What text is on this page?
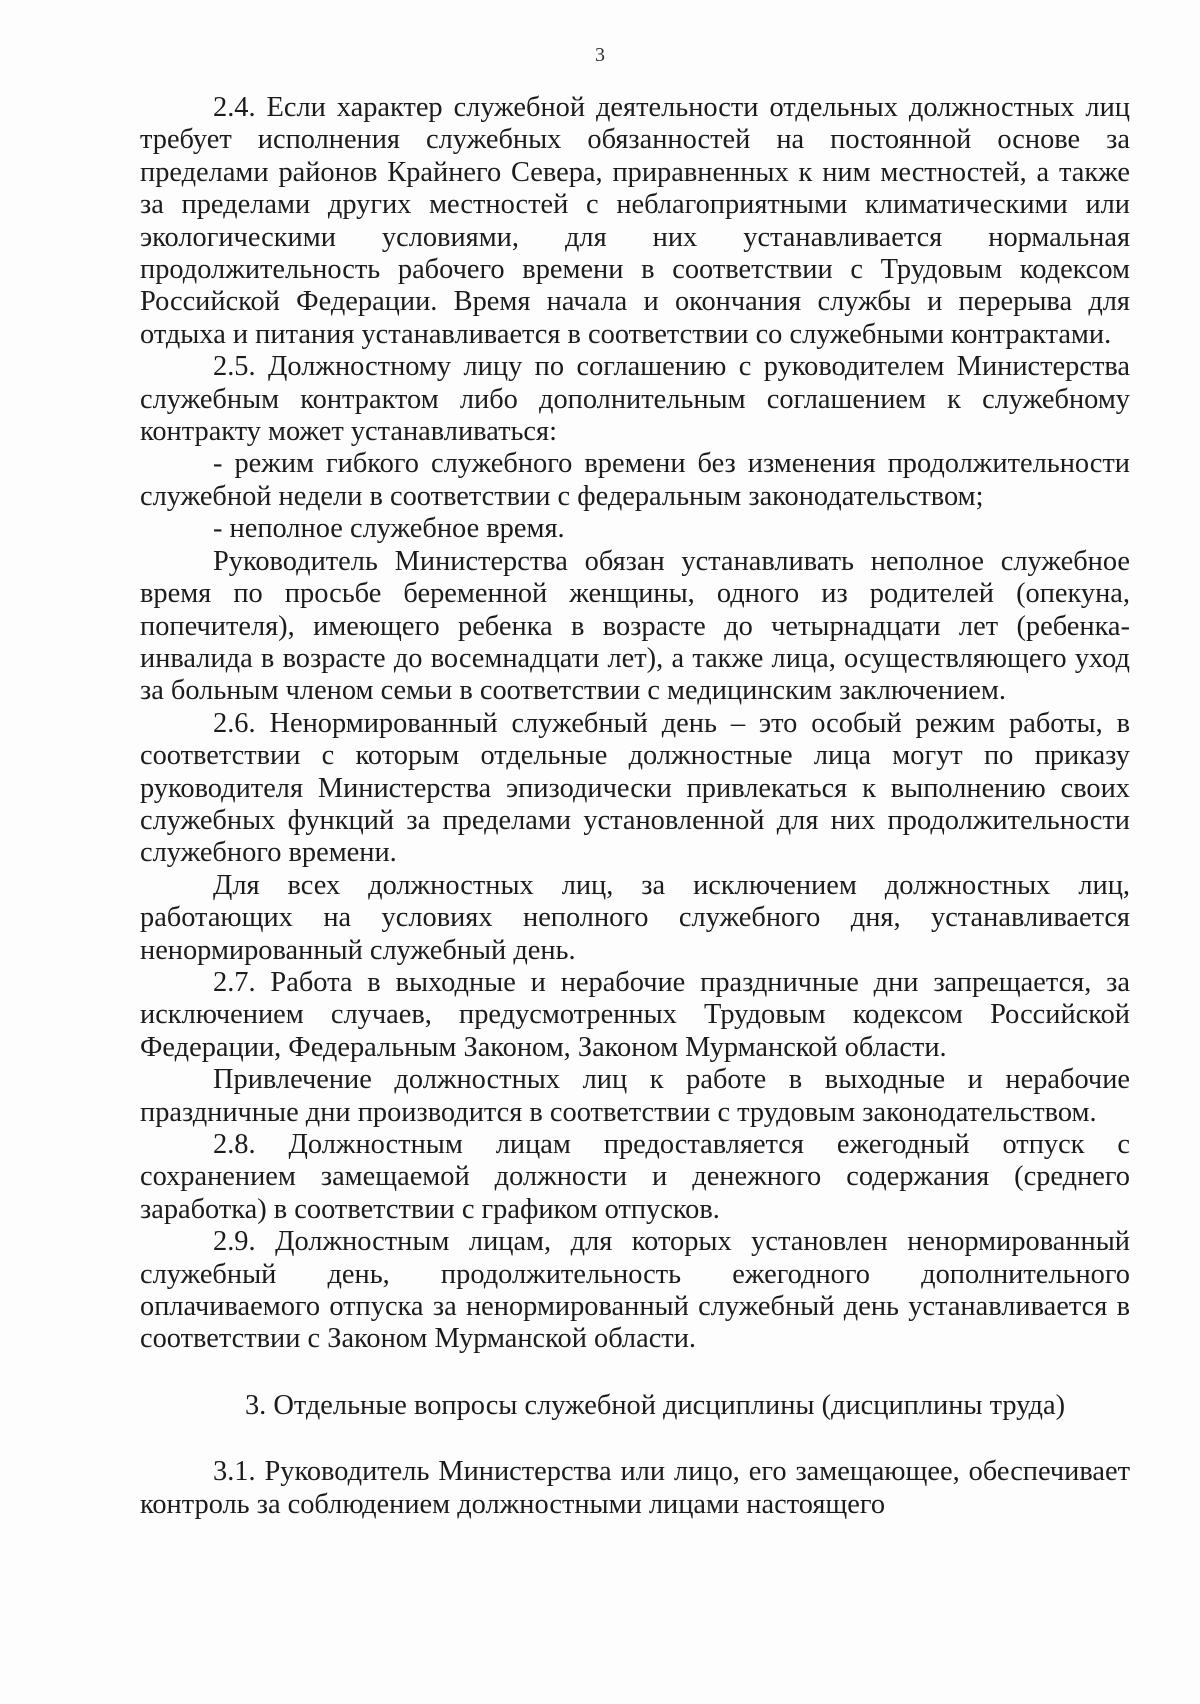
3

2.4. Если характер служебной деятельности отдельных должностных лиц требует исполнения служебных обязанностей на постоянной основе за пределами районов Крайнего Севера, приравненных к ним местностей, а также за пределами других местностей с неблагоприятными климатическими или экологическими условиями, для них устанавливается нормальная продолжительность рабочего времени в соответствии с Трудовым кодексом Российской Федерации. Время начала и окончания службы и перерыва для отдыха и питания устанавливается в соответствии со служебными контрактами.

2.5. Должностному лицу по соглашению с руководителем Министерства служебным контрактом либо дополнительным соглашением к служебному контракту может устанавливаться:

- режим гибкого служебного времени без изменения продолжительности служебной недели в соответствии с федеральным законодательством;

- неполное служебное время.

Руководитель Министерства обязан устанавливать неполное служебное время по просьбе беременной женщины, одного из родителей (опекуна, попечителя), имеющего ребенка в возрасте до четырнадцати лет (ребенка-инвалида в возрасте до восемнадцати лет), а также лица, осуществляющего уход за больным членом семьи в соответствии с медицинским заключением.

2.6. Ненормированный служебный день – это особый режим работы, в соответствии с которым отдельные должностные лица могут по приказу руководителя Министерства эпизодически привлекаться к выполнению своих служебных функций за пределами установленной для них продолжительности служебного времени.

Для всех должностных лиц, за исключением должностных лиц, работающих на условиях неполного служебного дня, устанавливается ненормированный служебный день.

2.7. Работа в выходные и нерабочие праздничные дни запрещается, за исключением случаев, предусмотренных Трудовым кодексом Российской Федерации, Федеральным Законом, Законом Мурманской области.

Привлечение должностных лиц к работе в выходные и нерабочие праздничные дни производится в соответствии с трудовым законодательством.

2.8. Должностным лицам предоставляется ежегодный отпуск с сохранением замещаемой должности и денежного содержания (среднего заработка) в соответствии с графиком отпусков.

2.9. Должностным лицам, для которых установлен ненормированный служебный день, продолжительность ежегодного дополнительного оплачиваемого отпуска за ненормированный служебный день устанавливается в соответствии с Законом Мурманской области.

3. Отдельные вопросы служебной дисциплины (дисциплины труда)

3.1. Руководитель Министерства или лицо, его замещающее, обеспечивает контроль за соблюдением должностными лицами настоящего
